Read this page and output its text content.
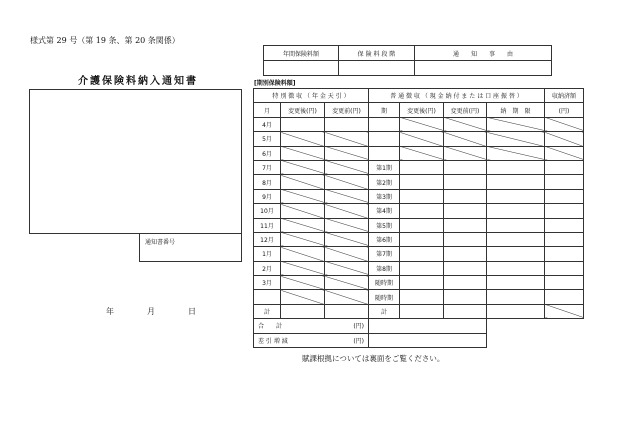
様式第 29 号（第 19 条、第 20 条関係）
介護保険料納入通知書
通知書番号
年	月	日
年間保険料額	保 険 料 段 階	通　　知　　事　　由

[期別保険料額]
特 別 徴 収 （ 年 金 天 引 ）			普 通 徴 収 （ 現 金 納 付 ま た は 口 座 振 替 ）				収納済額
月	変更後(円)	変更前(円)	期	変更後(円)	変更前(円)	納　期　限	(円)
4月							
5月							
6月							
7月			第1期				
8月			第2期				
9月			第3期				
10月			第4期				
11月			第5期				
12月			第6期				
1月			第7期				
2月			第8期				
3月			随時期				
			随時期				
計			計				
合　　計 (円)							

差 引 増 減 (円)							

賦課根拠については裏面をご覧ください。
